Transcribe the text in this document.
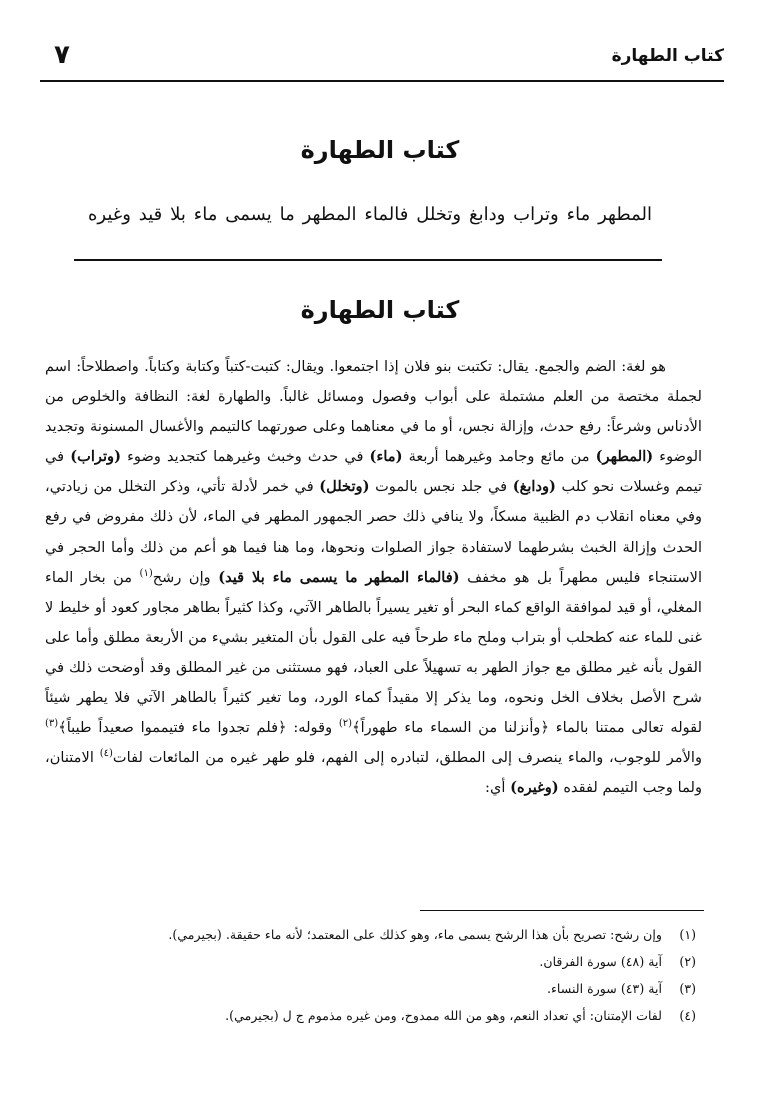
كتاب الطهارة
٧
كتاب الطهارة
المطهر ماء وتراب ودابغ وتخلل فالماء المطهر ما يسمى ماء بلا قيد وغيره
كتاب الطهارة

هو لغة: الضم والجمع. يقال: تكتبت بنو فلان إذا اجتمعوا. ويقال: كتبت-كتباً وكتابة وكتاباً. واصطلاحاً: اسم لجملة مختصة من العلم مشتملة على أبواب وفصول ومسائل غالباً. والطهارة لغة: النظافة والخلوص من الأدناس وشرعاً: رفع حدث، وإزالة نجس، أو ما في معناهما وعلى صورتهما كالتيمم والأغسال المسنونة وتجديد الوضوء (المطهر) من مائع وجامد وغيرهما أربعة (ماء) في حدث وخبث وغيرهما كتجديد وضوء (وتراب) في تيمم وغسلات نحو كلب (ودابغ) في جلد نجس بالموت (وتخلل) في خمر لأدلة تأتي، وذكر التخلل من زيادتي، وفي معناه انقلاب دم الظبية مسكاً، ولا ينافي ذلك حصر الجمهور المطهر في الماء، لأن ذلك مفروض في رفع الحدث وإزالة الخبث بشرطهما لاستفادة جواز الصلوات ونحوها، وما هنا فيما هو أعم من ذلك وأما الحجر في الاستنجاء فليس مطهراً بل هو مخفف (فالماء المطهر ما يسمى ماء بلا قيد) وإن رشح$^{(١)}$ من بخار الماء المغلي، أو قيد لموافقة الواقع كماء البحر أو تغير يسيراً بالطاهر الآتي، وكذا كثيراً بطاهر مجاور كعود أو خليط لا غنى للماء عنه كطحلب أو بتراب وملح ماء طرحاً فيه على القول بأن المتغير بشيء من الأربعة مطلق وأما على القول بأنه غير مطلق مع جواز الطهر به تسهيلاً على العباد، فهو مستثنى من غير المطلق وقد أوضحت ذلك في شرح الأصل بخلاف الخل ونحوه، وما يذكر إلا مقيداً كماء الورد، وما تغير كثيراً بالطاهر الآتي فلا يطهر شيئاً لقوله تعالى ممتنا بالماء ﴿وأنزلنا من السماء ماء طهوراً﴾$^{(٢)}$ وقوله: ﴿فلم تجدوا ماء فتيمموا صعيداً طيباً﴾$^{(٣)}$ والأمر للوجوب، والماء ينصرف إلى المطلق، لتبادره إلى الفهم، فلو طهر غيره من المائعات لفات$^{(٤)}$ الامتنان، ولما وجب التيمم لفقده (وغيره) أي:

(١)
وإن رشح: تصريح بأن هذا الرشح يسمى ماء، وهو كذلك على المعتمد؛ لأنه ماء حقيقة. (بجيرمي).
(٢)
آية (٤٨) سورة الفرقان.
(٣)
آية (٤٣) سورة النساء.
(٤)
لفات الإمتنان: أي تعداد النعم، وهو من الله ممدوح، ومن غيره مذموم ج ل (بجيرمي).
